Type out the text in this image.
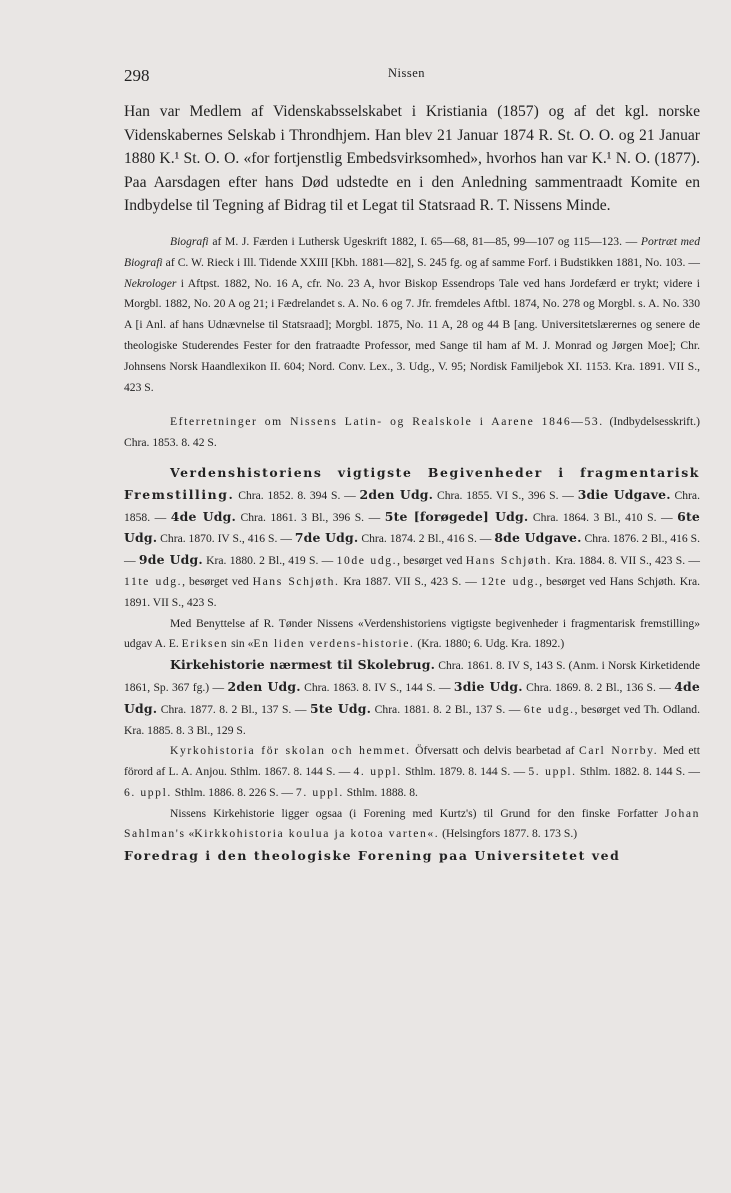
298	Nissen

Han var Medlem af Videnskabsselskabet i Kristiania (1857) og af det kgl. norske Videnskabernes Selskab i Throndhjem. Han blev 21 Januar 1874 R. St. O. O. og 21 Januar 1880 K.¹ St. O. O. «for fortjenstlig Embedsvirksomhed», hvorhos han var K.¹ N. O. (1877). Paa Aarsdagen efter hans Død udstedte en i den Anledning sammentraadt Komite en Indbydelse til Tegning af Bidrag til et Legat til Statsraad R. T. Nissens Minde.

Biografi af M. J. Færden i Luthersk Ugeskrift 1882, I. 65—68, 81—85, 99—107 og 115—123. — Portræt med Biografi af C. W. Rieck i Ill. Tidende XXIII [Kbh. 1881—82], S. 245 fg. og af samme Forf. i Budstikken 1881, No. 103. — Nekrologer i Aftpst. 1882, No. 16 A, cfr. No. 23 A, hvor Biskop Essendrops Tale ved hans Jordefærd er trykt; videre i Morgbl. 1882, No. 20 A og 21; i Fædrelandet s. A. No. 6 og 7. Jfr. fremdeles Aftbl. 1874, No. 278 og Morgbl. s. A. No. 330 A [i Anl. af hans Udnævnelse til Statsraad]; Morgbl. 1875, No. 11 A, 28 og 44 B [ang. Universitetslærernes og senere de theologiske Studerendes Fester for den fratraadte Professor, med Sange til ham af M. J. Monrad og Jørgen Moe]; Chr. Johnsens Norsk Haandlexikon II. 604; Nord. Conv. Lex., 3. Udg., V. 95; Nordisk Familjebok XI. 1153. Kra. 1891. VII S., 423 S.

Efterretninger om Nissens Latin- og Realskole i Aarene 1846—53. (Indbydelsesskrift.) Chra. 1853. 8. 42 S.

Verdenshistoriens vigtigste Begivenheder i fragmentarisk Fremstilling. Chra. 1852. 8. 394 S. — 2den Udg. Chra. 1855. VI S., 396 S. — 3die Udgave. Chra. 1858. — 4de Udg. Chra. 1861. 3 Bl., 396 S. — 5te [forøgede] Udg. Chra. 1864. 3 Bl., 410 S. — 6te Udg. Chra. 1870. IV S., 416 S. — 7de Udg. Chra. 1874. 2 Bl., 416 S. — 8de Udgave. Chra. 1876. 2 Bl., 416 S. — 9de Udg. Kra. 1880. 2 Bl., 419 S. — 10de udg., besørget ved Hans Schjøth. Kra. 1884. 8. VII S., 423 S. — 11te udg., besørget ved Hans Schjøth. Kra 1887. VII S., 423 S. — 12te udg., besørget ved Hans Schjøth. Kra. 1891. VII S., 423 S.

Med Benyttelse af R. Tønder Nissens «Verdenshistoriens vigtigste begivenheder i fragmentarisk fremstilling» udgav A. E. Eriksen sin «En liden verdens-historie. (Kra. 1880; 6. Udg. Kra. 1892.)

Kirkehistorie nærmest til Skolebrug. Chra. 1861. 8. IV S, 143 S. (Anm. i Norsk Kirketidende 1861, Sp. 367 fg.) — 2den Udg. Chra. 1863. 8. IV S., 144 S. — 3die Udg. Chra. 1869. 8. 2 Bl., 136 S. — 4de Udg. Chra. 1877. 8. 2 Bl., 137 S. — 5te Udg. Chra. 1881. 8. 2 Bl., 137 S. — 6te udg., besørget ved Th. Odland. Kra. 1885. 8. 3 Bl., 129 S.

Kyrkohistoria för skolan och hemmet. Öfversatt och delvis bearbetad af Carl Norrby. Med ett förord af L. A. Anjou. Sthlm. 1867. 8. 144 S. — 4. uppl. Sthlm. 1879. 8. 144 S. — 5. uppl. Sthlm. 1882. 8. 144 S. — 6. uppl. Sthlm. 1886. 8. 226 S. — 7. uppl. Sthlm. 1888. 8.

Nissens Kirkehistorie ligger ogsaa (i Forening med Kurtz's) til Grund for den finske Forfatter Johan Sahlman's «Kirkkohistoria koulua ja kotoa varten«. (Helsingfors 1877. 8. 173 S.)

Foredrag i den theologiske Forening paa Universitetet ved
